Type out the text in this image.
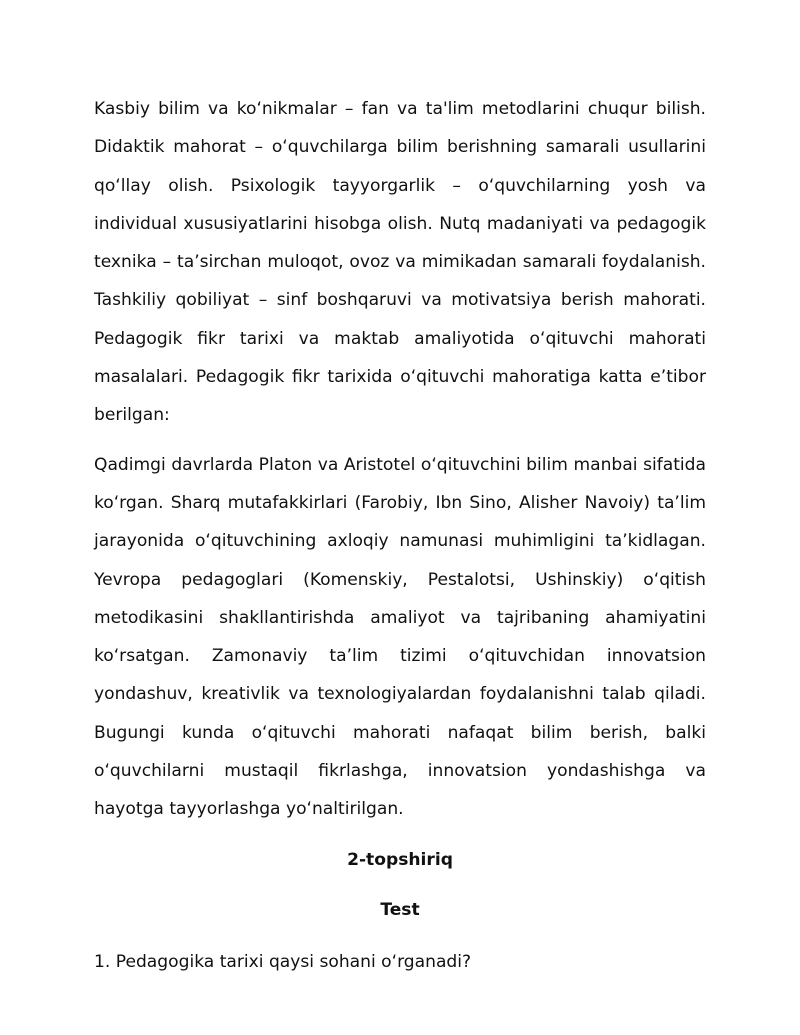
Kasbiy bilim va koʻnikmalar – fan va ta'lim metodlarini chuqur bilish. Didaktik mahorat – oʻquvchilarga bilim berishning samarali usullarini qoʻllay olish. Psixologik tayyorgarlik – oʻquvchilarning yosh va individual xususiyatlarini hisobga olish. Nutq madaniyati va pedagogik texnika – ta’sirchan muloqot, ovoz va mimikadan samarali foydalanish. Tashkiliy qobiliyat – sinf boshqaruvi va motivatsiya berish mahorati. Pedagogik fikr tarixi va maktab amaliyotida oʻqituvchi mahorati masalalari. Pedagogik fikr tarixida oʻqituvchi mahoratiga katta e’tibor berilgan:

Qadimgi davrlarda Platon va Aristotel oʻqituvchini bilim manbai sifatida koʻrgan. Sharq mutafakkirlari (Farobiy, Ibn Sino, Alisher Navoiy) ta’lim jarayonida oʻqituvchining axloqiy namunasi muhimligini ta’kidlagan. Yevropa pedagoglari (Komenskiy, Pestalotsi, Ushinskiy) oʻqitish metodikasini shakllantirishda amaliyot va tajribaning ahamiyatini koʻrsatgan. Zamonaviy ta’lim tizimi oʻqituvchidan innovatsion yondashuv, kreativlik va texnologiyalardan foydalanishni talab qiladi. Bugungi kunda oʻqituvchi mahorati nafaqat bilim berish, balki oʻquvchilarni mustaqil fikrlashga, innovatsion yondashishga va hayotga tayyorlashga yoʻnaltirilgan.

2-topshiriq
Test

1. Pedagogika tarixi qaysi sohani oʻrganadi?
